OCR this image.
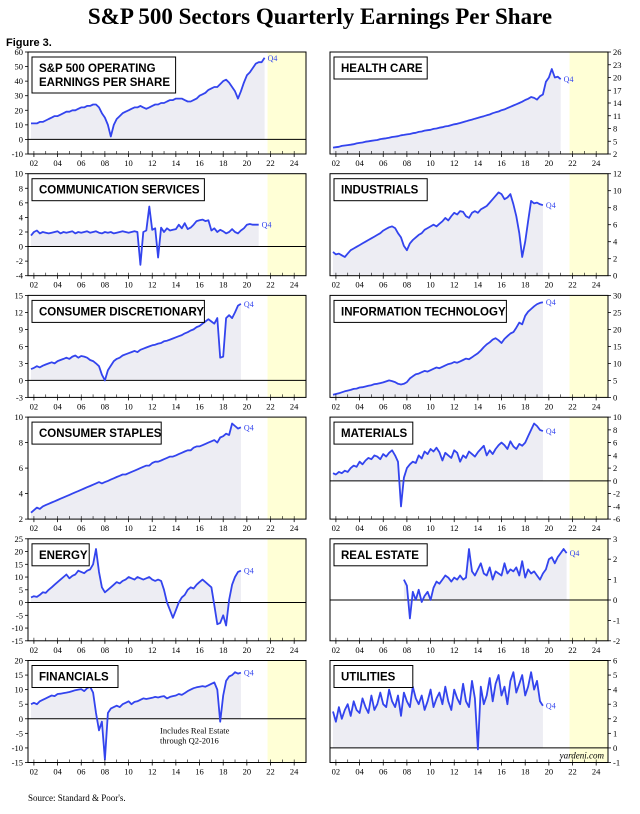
S&P 500 Sectors Quarterly Earnings Per Share
Figure 3.
Q4
-10
0
10
20
30
40
50
60
02 04 06 08 10 12 14 16 18 20 22 24
S&P 500 OPERATING
EARNINGS PER SHARE	Q4
2
5
8
11
14
17
20
23
26
02 04 06 08 10 12 14 16 18 20 22 24
HEALTH CARE
Q4
-4
-2
0
2
4
6
8
10
02 04 06 08 10 12 14 16 18 20 22 24
COMMUNICATION SERVICES
Q4
0
2
4
6
8
10
12
02 04 06 08 10 12 14 16 18 20 22 24
INDUSTRIALS
Q4
-3
0
3
6
9
12
15
02 04 06 08 10 12 14 16 18 20 22 24
CONSUMER DISCRETIONARY
Q4
0
5
10
15
20
25
30
02 04 06 08 10 12 14 16 18 20 22 24
INFORMATION TECHNOLOGY
Q4
2
4
6
8
10
02 04 06 08 10 12 14 16 18 20 22 24
CONSUMER STAPLES	Q4
-6
-4
-2
0
2
4
6
8
10
02 04 06 08 10 12 14 16 18 20 22 24
MATERIALS
Q4
-15
-10
-5
0
5
10
15
20
25
02 04 06 08 10 12 14 16 18 20 22 24
ENERGY	Q4
-2
-1
0
1
2
3
02 04 06 08 10 12 14 16 18 20 22 24
REAL ESTATE
Q4
-15
-10
-5
0
5
10
15
20
02 04 06 08 10 12 14 16 18 20 22 24
FINANCIALS
Includes Real Estate
through Q2-2016
Q4
-1
0
1
2
3
4
5
6
02 04 06 08 10 12 14 16 18 20 22 24
UTILITIES
yardeni.com
Source: Standard & Poor's.
